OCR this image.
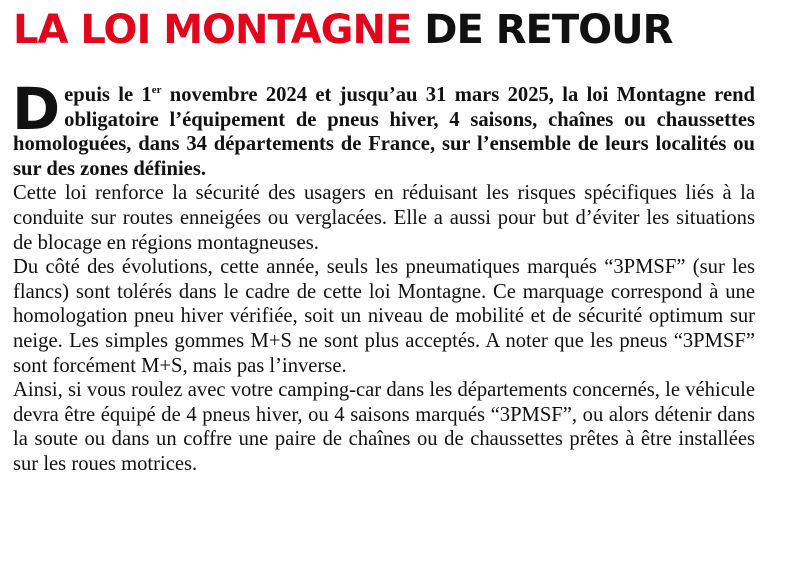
LA LOI MONTAGNE DE RETOUR

Depuis le 1er novembre 2024 et jusqu’au 31 mars 2025, la loi Montagne rend obligatoire l’équipement de pneus hiver, 4 saisons, chaînes ou chaussettes homologuées, dans 34 départements de France, sur l’ensemble de leurs localités ou sur des zones définies.

Cette loi renforce la sécurité des usagers en réduisant les risques spécifiques liés à la conduite sur routes enneigées ou verglacées. Elle a aussi pour but d’éviter les situations de blocage en régions montagneuses.
Du côté des évolutions, cette année, seuls les pneumatiques marqués “3PMSF” (sur les flancs) sont tolérés dans le cadre de cette loi Montagne. Ce marquage correspond à une homologation pneu hiver vérifiée, soit un niveau de mobilité et de sécurité optimum sur neige. Les simples gommes M+S ne sont plus acceptés. A noter que les pneus “3PMSF” sont forcément M+S, mais pas l’inverse.
Ainsi, si vous roulez avec votre camping-car dans les départements concernés, le véhicule devra être équipé de 4 pneus hiver, ou 4 saisons marqués “3PMSF”, ou alors détenir dans la soute ou dans un coffre une paire de chaînes ou de chaussettes prêtes à être installées sur les roues motrices.
